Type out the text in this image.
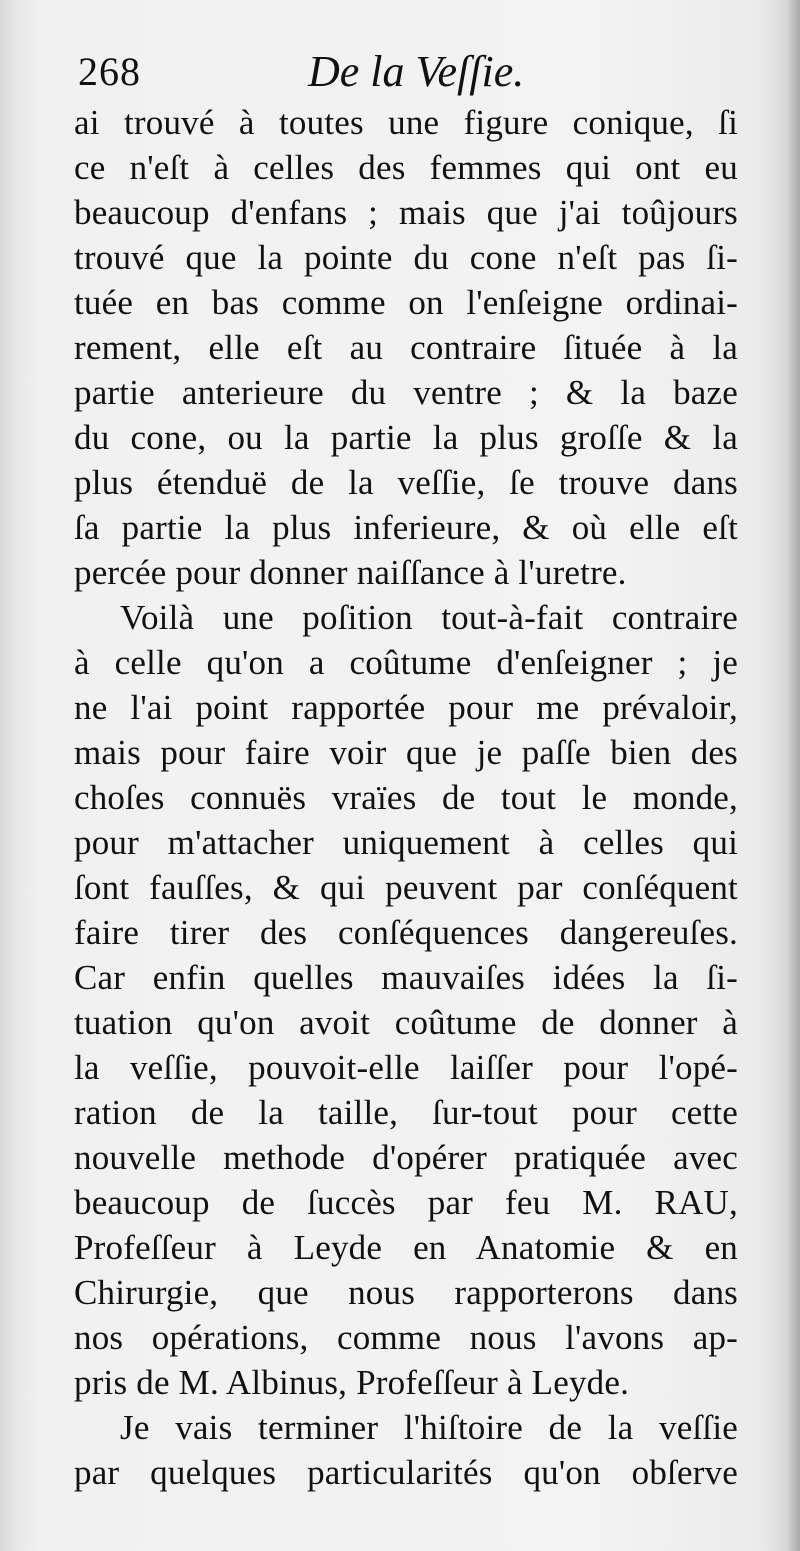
268	De la Veſſie.
ai trouvé à toutes une figure conique, ſi
ce n'eſt à celles des femmes qui ont eu
beaucoup d'enfans ; mais que j'ai toûjours
trouvé que la pointe du cone n'eſt pas ſi-
tuée en bas comme on l'enſeigne ordinai-
rement, elle eſt au contraire ſituée à la
partie anterieure du ventre ; & la baze
du cone, ou la partie la plus groſſe & la
plus étenduë de la veſſie, ſe trouve dans
ſa partie la plus inferieure, & où elle eſt
percée pour donner naiſſance à l'uretre.
Voilà une poſition tout-à-fait contraire
à celle qu'on a coûtume d'enſeigner ; je
ne l'ai point rapportée pour me prévaloir,
mais pour faire voir que je paſſe bien des
choſes connuës vraïes de tout le monde,
pour m'attacher uniquement à celles qui
ſont fauſſes, & qui peuvent par conſéquent
faire tirer des conſéquences dangereuſes.
Car enfin quelles mauvaiſes idées la ſi-
tuation qu'on avoit coûtume de donner à
la veſſie, pouvoit-elle laiſſer pour l'opé-
ration de la taille, ſur-tout pour cette
nouvelle methode d'opérer pratiquée avec
beaucoup de ſuccès par feu M. RAU,
Profeſſeur à Leyde en Anatomie & en
Chirurgie, que nous rapporterons dans
nos opérations, comme nous l'avons ap-
pris de M. Albinus, Profeſſeur à Leyde.
Je vais terminer l'hiſtoire de la veſſie
par quelques particularités qu'on obſerve
